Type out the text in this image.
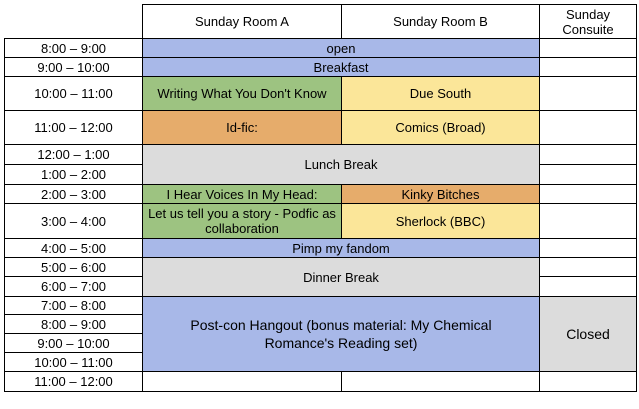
	Sunday Room A	Sunday Room B	Sunday Consuite
8:00 – 9:00	open		
9:00 – 10:00	Breakfast		
10:00 – 11:00	Writing What You Don't Know	Due South	
11:00 – 12:00	Id-fic:	Comics (Broad)	
12:00 – 1:00	Lunch Break		
1:00 – 2:00			
2:00 – 3:00	I Hear Voices In My Head:	Kinky Bitches	
3:00 – 4:00	Let us tell you a story - Podfic as collaboration	Sherlock (BBC)	
4:00 – 5:00	Pimp my fandom		
5:00 – 6:00	Dinner Break		
6:00 – 7:00			
7:00 – 8:00	Post-con Hangout (bonus material: My Chemical Romance's Reading set)		Closed
8:00 – 9:00			
9:00 – 10:00			
10:00 – 11:00			
11:00 – 12:00			
